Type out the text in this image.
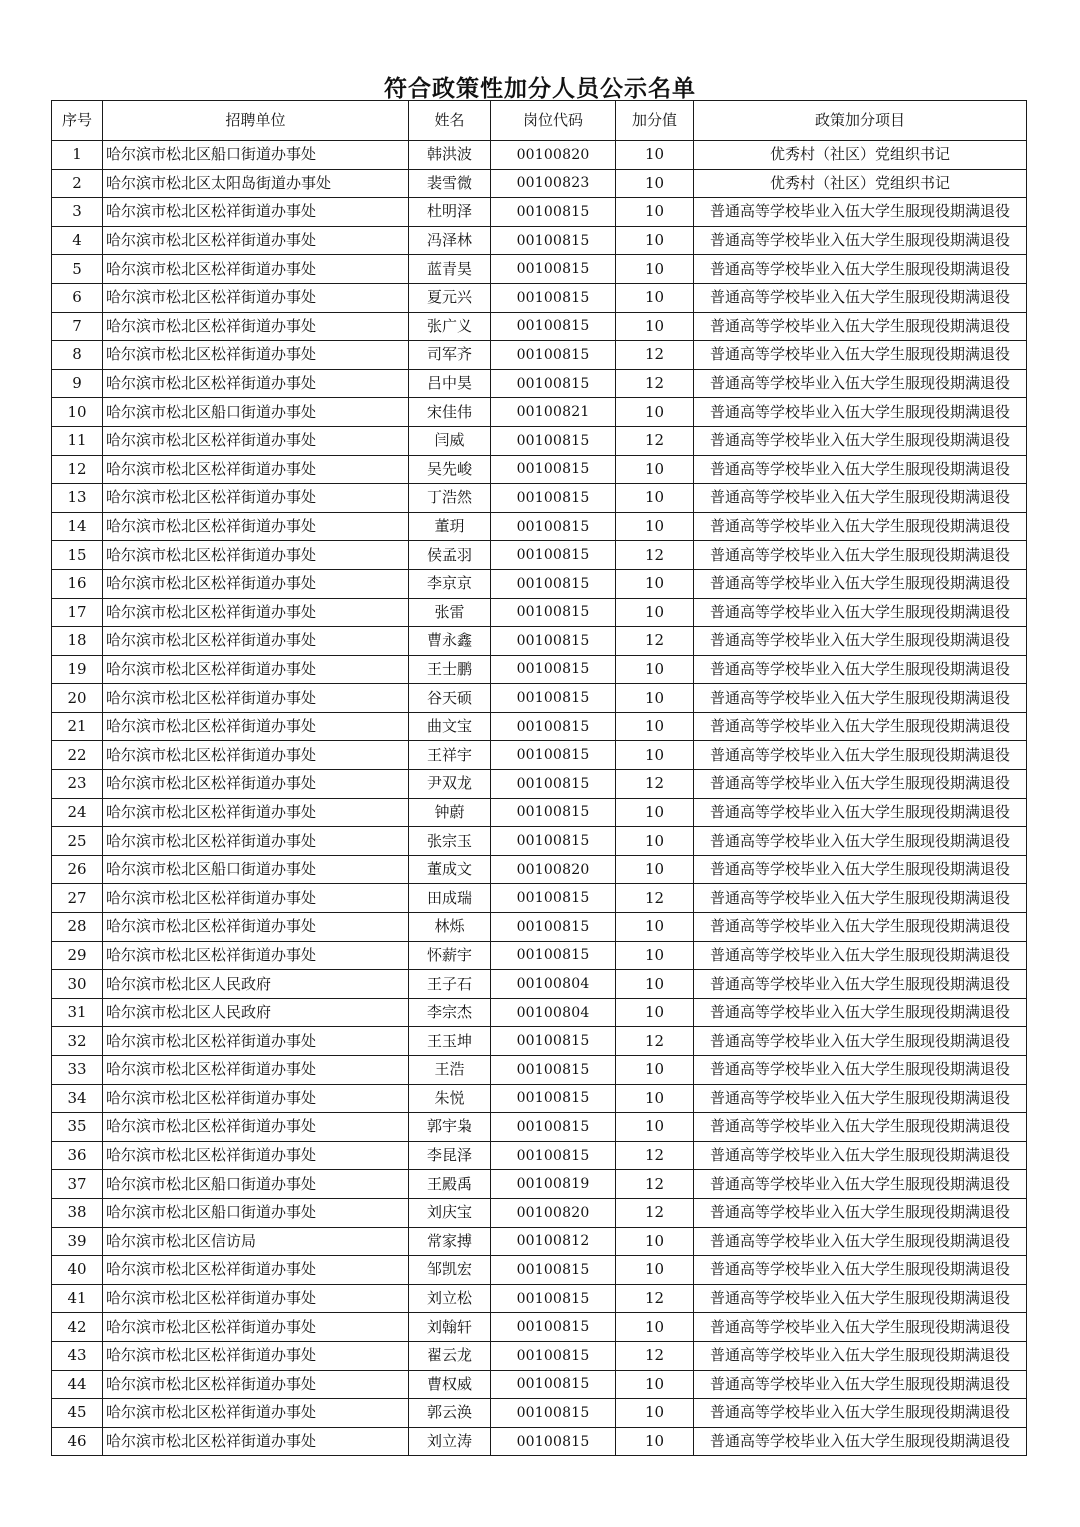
符合政策性加分人员公示名单
序号	招聘单位	姓名	岗位代码	加分值	政策加分项目
1	哈尔滨市松北区船口街道办事处	韩洪波	00100820	10	优秀村（社区）党组织书记
2	哈尔滨市松北区太阳岛街道办事处	裴雪微	00100823	10	优秀村（社区）党组织书记
3	哈尔滨市松北区松祥街道办事处	杜明泽	00100815	10	普通高等学校毕业入伍大学生服现役期满退役
4	哈尔滨市松北区松祥街道办事处	冯泽林	00100815	10	普通高等学校毕业入伍大学生服现役期满退役
5	哈尔滨市松北区松祥街道办事处	蓝青昊	00100815	10	普通高等学校毕业入伍大学生服现役期满退役
6	哈尔滨市松北区松祥街道办事处	夏元兴	00100815	10	普通高等学校毕业入伍大学生服现役期满退役
7	哈尔滨市松北区松祥街道办事处	张广义	00100815	10	普通高等学校毕业入伍大学生服现役期满退役
8	哈尔滨市松北区松祥街道办事处	司军齐	00100815	12	普通高等学校毕业入伍大学生服现役期满退役
9	哈尔滨市松北区松祥街道办事处	吕中昊	00100815	12	普通高等学校毕业入伍大学生服现役期满退役
10	哈尔滨市松北区船口街道办事处	宋佳伟	00100821	10	普通高等学校毕业入伍大学生服现役期满退役
11	哈尔滨市松北区松祥街道办事处	闫威	00100815	12	普通高等学校毕业入伍大学生服现役期满退役
12	哈尔滨市松北区松祥街道办事处	吴先峻	00100815	10	普通高等学校毕业入伍大学生服现役期满退役
13	哈尔滨市松北区松祥街道办事处	丁浩然	00100815	10	普通高等学校毕业入伍大学生服现役期满退役
14	哈尔滨市松北区松祥街道办事处	董玥	00100815	10	普通高等学校毕业入伍大学生服现役期满退役
15	哈尔滨市松北区松祥街道办事处	侯孟羽	00100815	12	普通高等学校毕业入伍大学生服现役期满退役
16	哈尔滨市松北区松祥街道办事处	李京京	00100815	10	普通高等学校毕业入伍大学生服现役期满退役
17	哈尔滨市松北区松祥街道办事处	张雷	00100815	10	普通高等学校毕业入伍大学生服现役期满退役
18	哈尔滨市松北区松祥街道办事处	曹永鑫	00100815	12	普通高等学校毕业入伍大学生服现役期满退役
19	哈尔滨市松北区松祥街道办事处	王士鹏	00100815	10	普通高等学校毕业入伍大学生服现役期满退役
20	哈尔滨市松北区松祥街道办事处	谷天硕	00100815	10	普通高等学校毕业入伍大学生服现役期满退役
21	哈尔滨市松北区松祥街道办事处	曲文宝	00100815	10	普通高等学校毕业入伍大学生服现役期满退役
22	哈尔滨市松北区松祥街道办事处	王祥宇	00100815	10	普通高等学校毕业入伍大学生服现役期满退役
23	哈尔滨市松北区松祥街道办事处	尹双龙	00100815	12	普通高等学校毕业入伍大学生服现役期满退役
24	哈尔滨市松北区松祥街道办事处	钟蔚	00100815	10	普通高等学校毕业入伍大学生服现役期满退役
25	哈尔滨市松北区松祥街道办事处	张宗玉	00100815	10	普通高等学校毕业入伍大学生服现役期满退役
26	哈尔滨市松北区船口街道办事处	董成文	00100820	10	普通高等学校毕业入伍大学生服现役期满退役
27	哈尔滨市松北区松祥街道办事处	田成瑞	00100815	12	普通高等学校毕业入伍大学生服现役期满退役
28	哈尔滨市松北区松祥街道办事处	林烁	00100815	10	普通高等学校毕业入伍大学生服现役期满退役
29	哈尔滨市松北区松祥街道办事处	怀薪宇	00100815	10	普通高等学校毕业入伍大学生服现役期满退役
30	哈尔滨市松北区人民政府	王子石	00100804	10	普通高等学校毕业入伍大学生服现役期满退役
31	哈尔滨市松北区人民政府	李宗杰	00100804	10	普通高等学校毕业入伍大学生服现役期满退役
32	哈尔滨市松北区松祥街道办事处	王玉坤	00100815	12	普通高等学校毕业入伍大学生服现役期满退役
33	哈尔滨市松北区松祥街道办事处	王浩	00100815	10	普通高等学校毕业入伍大学生服现役期满退役
34	哈尔滨市松北区松祥街道办事处	朱悦	00100815	10	普通高等学校毕业入伍大学生服现役期满退役
35	哈尔滨市松北区松祥街道办事处	郭宇枭	00100815	10	普通高等学校毕业入伍大学生服现役期满退役
36	哈尔滨市松北区松祥街道办事处	李昆泽	00100815	12	普通高等学校毕业入伍大学生服现役期满退役
37	哈尔滨市松北区船口街道办事处	王殿禹	00100819	12	普通高等学校毕业入伍大学生服现役期满退役
38	哈尔滨市松北区船口街道办事处	刘庆宝	00100820	12	普通高等学校毕业入伍大学生服现役期满退役
39	哈尔滨市松北区信访局	常家搏	00100812	10	普通高等学校毕业入伍大学生服现役期满退役
40	哈尔滨市松北区松祥街道办事处	邹凯宏	00100815	10	普通高等学校毕业入伍大学生服现役期满退役
41	哈尔滨市松北区松祥街道办事处	刘立松	00100815	12	普通高等学校毕业入伍大学生服现役期满退役
42	哈尔滨市松北区松祥街道办事处	刘翰轩	00100815	10	普通高等学校毕业入伍大学生服现役期满退役
43	哈尔滨市松北区松祥街道办事处	翟云龙	00100815	12	普通高等学校毕业入伍大学生服现役期满退役
44	哈尔滨市松北区松祥街道办事处	曹权威	00100815	10	普通高等学校毕业入伍大学生服现役期满退役
45	哈尔滨市松北区松祥街道办事处	郭云涣	00100815	10	普通高等学校毕业入伍大学生服现役期满退役
46	哈尔滨市松北区松祥街道办事处	刘立涛	00100815	10	普通高等学校毕业入伍大学生服现役期满退役
